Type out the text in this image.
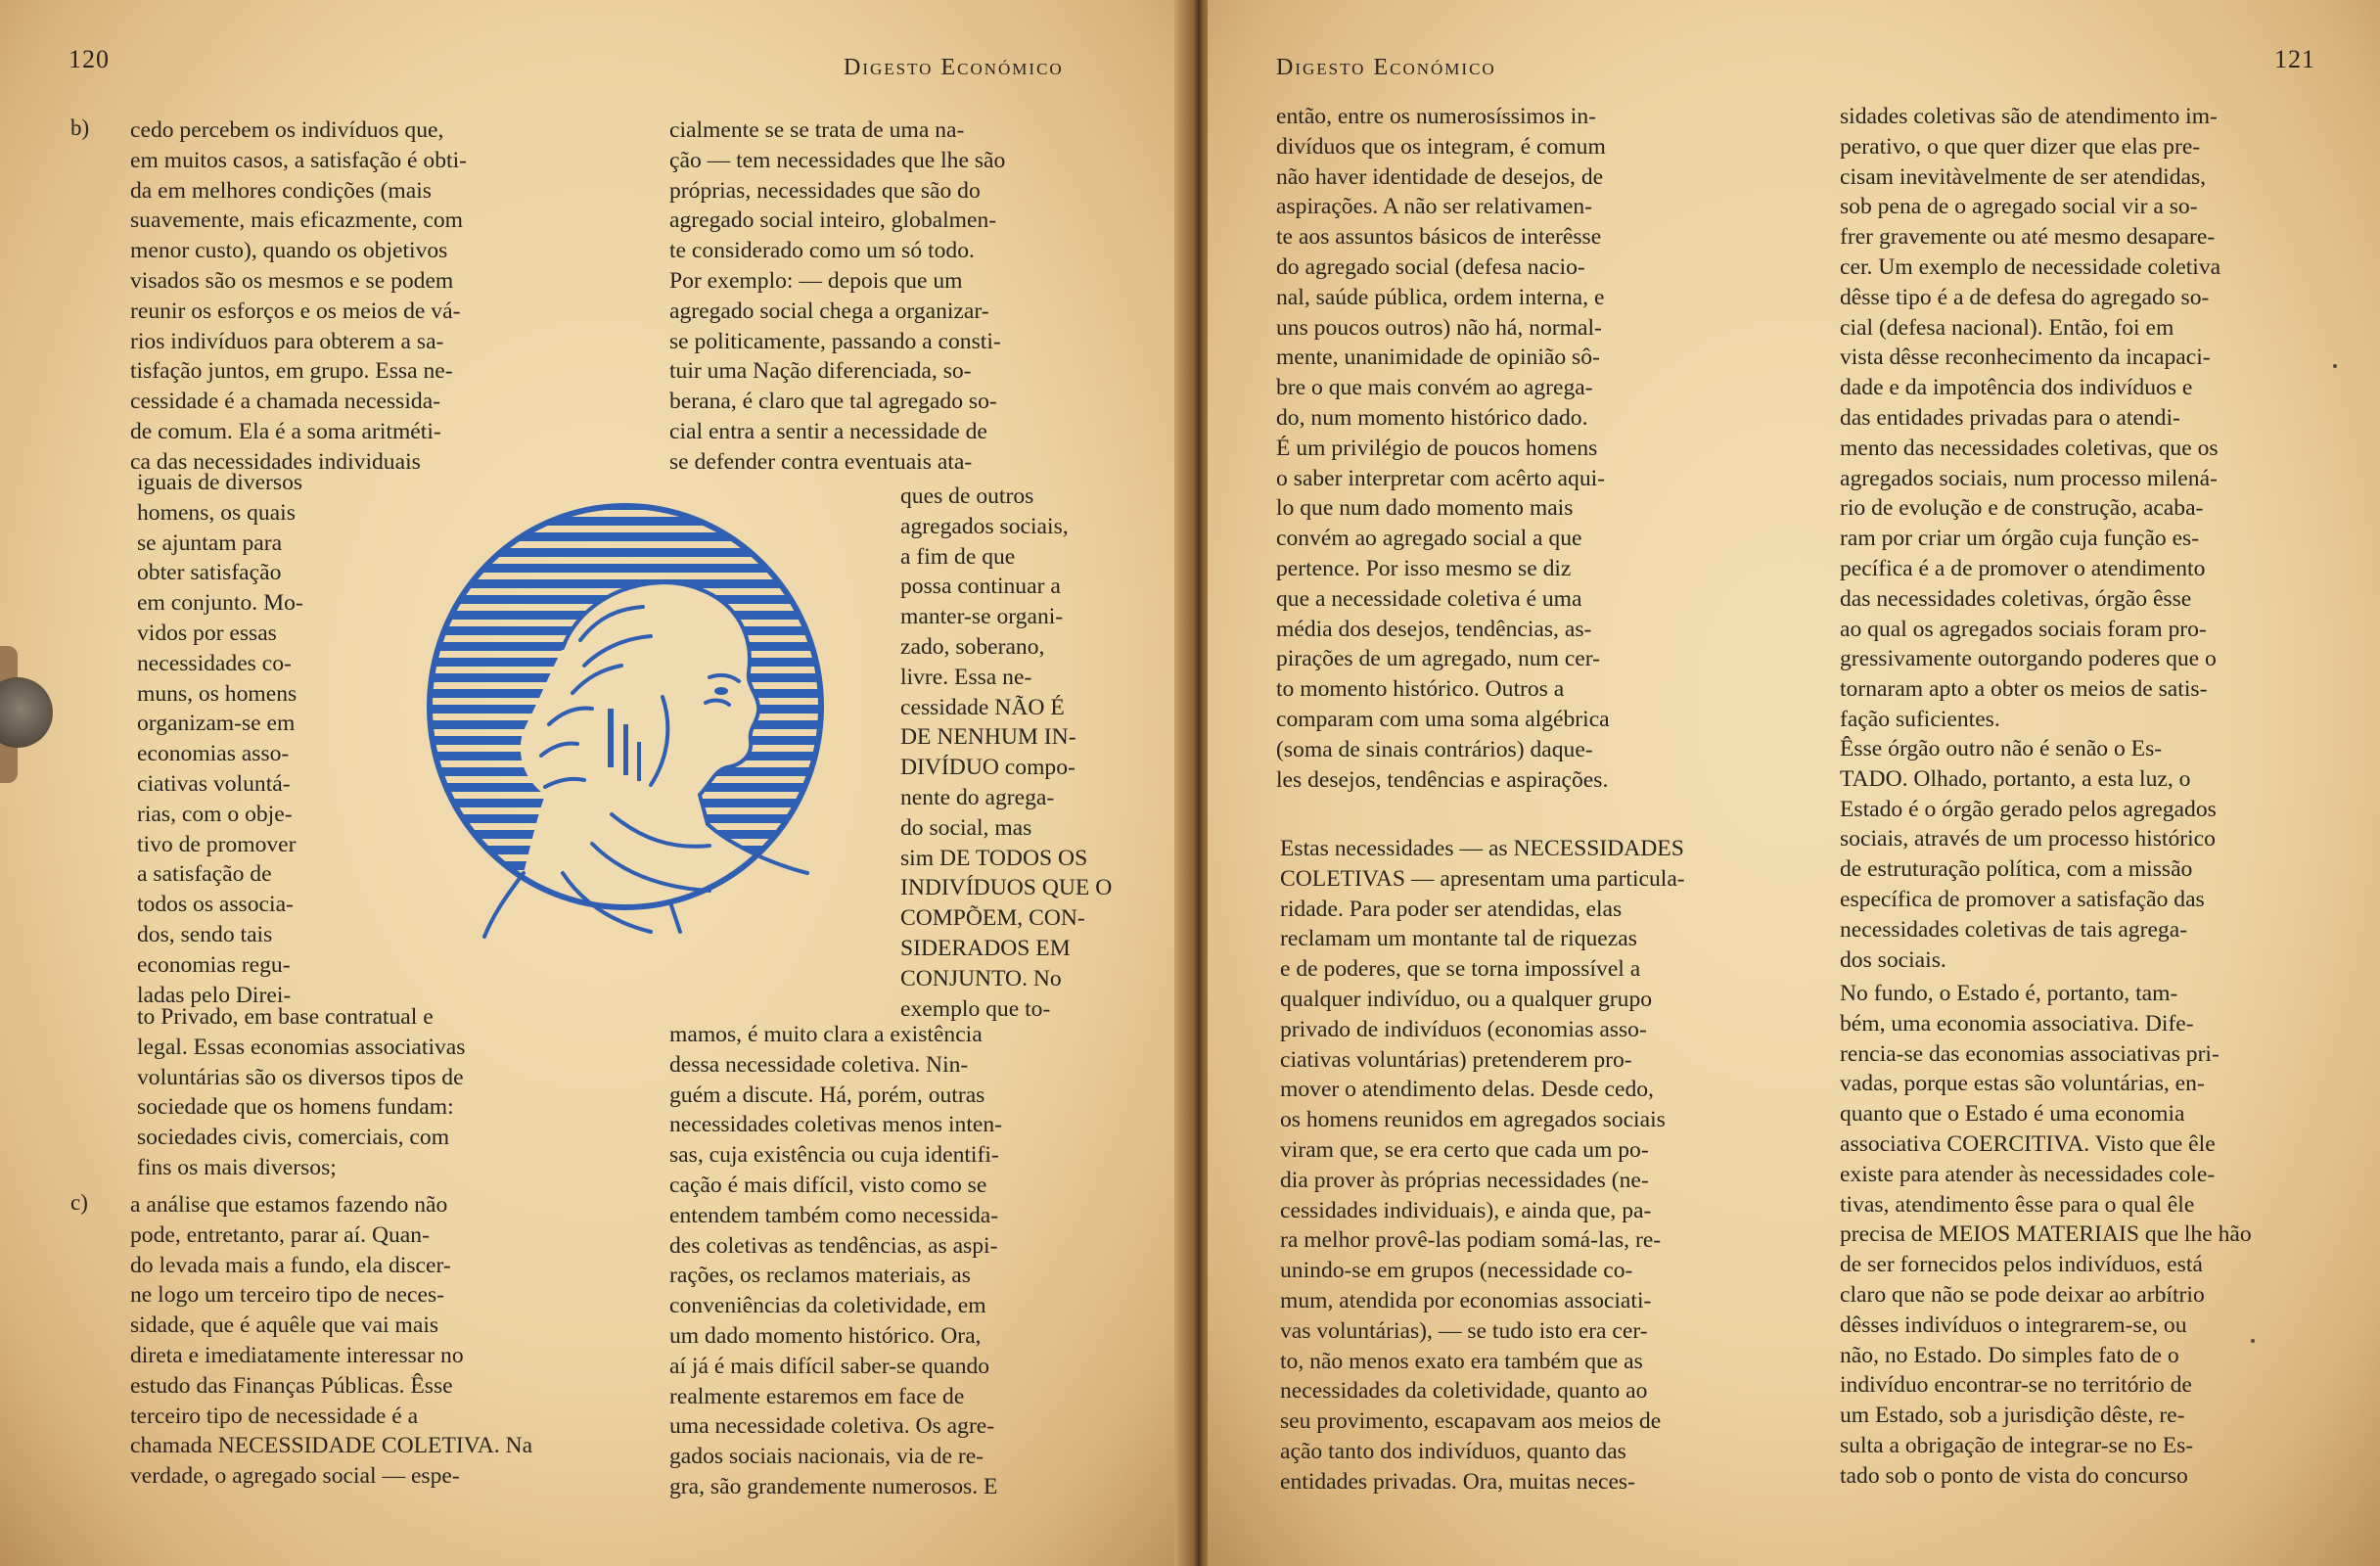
120	Digesto Económico
b)
c)
cedo percebem os indivíduos que,
em muitos casos, a satisfação é obti-
da em melhores condições (mais
suavemente, mais eficazmente, com
menor custo), quando os objetivos
visados são os mesmos e se podem
reunir os esforços e os meios de vá-
rios indivíduos para obterem a sa-
tisfação juntos, em grupo. Essa ne-
cessidade é a chamada necessida-
de comum. Ela é a soma aritméti-
ca das necessidades individuais
iguais de diversos
homens, os quais
se ajuntam para
obter satisfação
em conjunto. Mo-
vidos por essas
necessidades co-
muns, os homens
organizam-se em
economias asso-
ciativas voluntá-
rias, com o obje-
tivo de promover
a satisfação de
todos os associa-
dos, sendo tais
economias regu-
ladas pelo Direi-
to Privado, em base contratual e
legal. Essas economias associativas
voluntárias são os diversos tipos de
sociedade que os homens fundam:
sociedades civis, comerciais, com
fins os mais diversos;
a análise que estamos fazendo não
pode, entretanto, parar aí. Quan-
do levada mais a fundo, ela discer-
ne logo um terceiro tipo de neces-
sidade, que é aquêle que vai mais
direta e imediatamente interessar no
estudo das Finanças Públicas. Êsse
terceiro tipo de necessidade é a
chamada NECESSIDADE COLETIVA. Na
verdade, o agregado social — espe-
cialmente se se trata de uma na-
ção — tem necessidades que lhe são
próprias, necessidades que são do
agregado social inteiro, globalmen-
te considerado como um só todo.
Por exemplo: — depois que um
agregado social chega a organizar-
se politicamente, passando a consti-
tuir uma Nação diferenciada, so-
berana, é claro que tal agregado so-
cial entra a sentir a necessidade de
se defender contra eventuais ata-
ques de outros
agregados sociais,
a fim de que
possa continuar a
manter-se organi-
zado, soberano,
livre. Essa ne-
cessidade NÃO É
DE NENHUM IN-
DIVÍDUO compo-
nente do agrega-
do social, mas
sim DE TODOS OS
INDIVÍDUOS QUE O
COMPÕEM, CON-
SIDERADOS EM
CONJUNTO. No
exemplo que to-
mamos, é muito clara a existência
dessa necessidade coletiva. Nin-
guém a discute. Há, porém, outras
necessidades coletivas menos inten-
sas, cuja existência ou cuja identifi-
cação é mais difícil, visto como se
entendem também como necessida-
des coletivas as tendências, as aspi-
rações, os reclamos materiais, as
conveniências da coletividade, em
um dado momento histórico. Ora,
aí já é mais difícil saber-se quando
realmente estaremos em face de
uma necessidade coletiva. Os agre-
gados sociais nacionais, via de re-
gra, são grandemente numerosos. E
Digesto Económico	121
então, entre os numerosíssimos in-
divíduos que os integram, é comum
não haver identidade de desejos, de
aspirações. A não ser relativamen-
te aos assuntos básicos de interêsse
do agregado social (defesa nacio-
nal, saúde pública, ordem interna, e
uns poucos outros) não há, normal-
mente, unanimidade de opinião sô-
bre o que mais convém ao agrega-
do, num momento histórico dado.
É um privilégio de poucos homens
o saber interpretar com acêrto aqui-
lo que num dado momento mais
convém ao agregado social a que
pertence. Por isso mesmo se diz
que a necessidade coletiva é uma
média dos desejos, tendências, as-
pirações de um agregado, num cer-
to momento histórico. Outros a
comparam com uma soma algébrica
(soma de sinais contrários) daque-
les desejos, tendências e aspirações.
Estas necessidades — as NECESSIDADES
COLETIVAS — apresentam uma particula-
ridade. Para poder ser atendidas, elas
reclamam um montante tal de riquezas
e de poderes, que se torna impossível a
qualquer indivíduo, ou a qualquer grupo
privado de indivíduos (economias asso-
ciativas voluntárias) pretenderem pro-
mover o atendimento delas. Desde cedo,
os homens reunidos em agregados sociais
viram que, se era certo que cada um po-
dia prover às próprias necessidades (ne-
cessidades individuais), e ainda que, pa-
ra melhor provê-las podiam somá-las, re-
unindo-se em grupos (necessidade co-
mum, atendida por economias associati-
vas voluntárias), — se tudo isto era cer-
to, não menos exato era também que as
necessidades da coletividade, quanto ao
seu provimento, escapavam aos meios de
ação tanto dos indivíduos, quanto das
entidades privadas. Ora, muitas neces-
sidades coletivas são de atendimento im-
perativo, o que quer dizer que elas pre-
cisam inevitàvelmente de ser atendidas,
sob pena de o agregado social vir a so-
frer gravemente ou até mesmo desapare-
cer. Um exemplo de necessidade coletiva
dêsse tipo é a de defesa do agregado so-
cial (defesa nacional). Então, foi em
vista dêsse reconhecimento da incapaci-
dade e da impotência dos indivíduos e
das entidades privadas para o atendi-
mento das necessidades coletivas, que os
agregados sociais, num processo milená-
rio de evolução e de construção, acaba-
ram por criar um órgão cuja função es-
pecífica é a de promover o atendimento
das necessidades coletivas, órgão êsse
ao qual os agregados sociais foram pro-
gressivamente outorgando poderes que o
tornaram apto a obter os meios de satis-
fação suficientes.
Êsse órgão outro não é senão o Es-
TADO. Olhado, portanto, a esta luz, o
Estado é o órgão gerado pelos agregados
sociais, através de um processo histórico
de estruturação política, com a missão
específica de promover a satisfação das
necessidades coletivas de tais agrega-
dos sociais.
No fundo, o Estado é, portanto, tam-
bém, uma economia associativa. Dife-
rencia-se das economias associativas pri-
vadas, porque estas são voluntárias, en-
quanto que o Estado é uma economia
associativa COERCITIVA. Visto que êle
existe para atender às necessidades cole-
tivas, atendimento êsse para o qual êle
precisa de MEIOS MATERIAIS que lhe hão
de ser fornecidos pelos indivíduos, está
claro que não se pode deixar ao arbítrio
dêsses indivíduos o integrarem-se, ou
não, no Estado. Do simples fato de o
indivíduo encontrar-se no território de
um Estado, sob a jurisdição dêste, re-
sulta a obrigação de integrar-se no Es-
tado sob o ponto de vista do concurso
